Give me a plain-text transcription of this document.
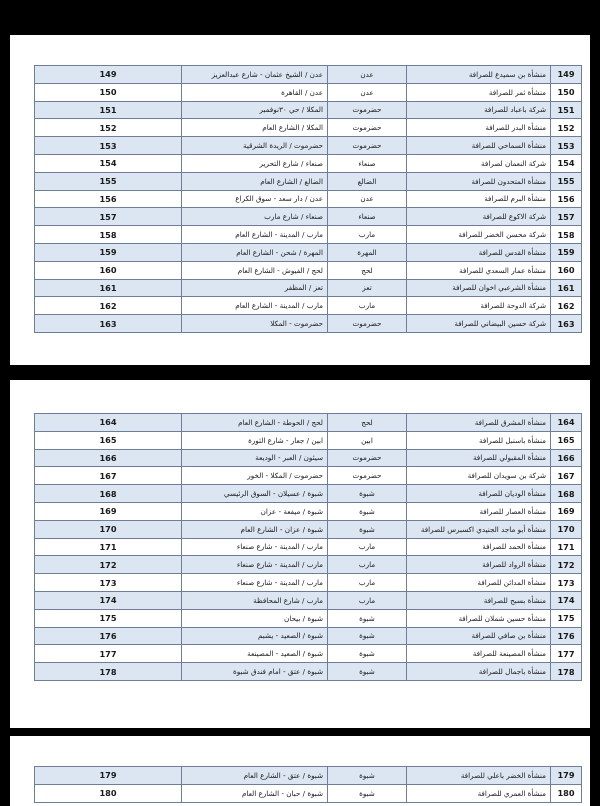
149	عدن / الشيخ عثمان - شارع عبدالعزيز	عدن	منشأة بن سميدع للصرافة	149
150	عدن / القاهرة	عدن	منشأة ثمر للصرافة	150
151	المكلا / حي ٣٠نوفمبر	حضرموت	شركة باعباد للصرافة	151
152	المكلا / الشارع العام	حضرموت	منشأة البدر للصرافة	152
153	حضرموت / الريدة الشرقية	حضرموت	منشأة السماحي للصرافة	153
154	صنعاء / شارع التحرير	صنعاء	شركة النعمان لصرافة	154
155	الضالع / الشارع العام	الضالع	منشأة المتحدون للصرافة	155
156	عدن / دار سعد - سوق الكراع	عدن	منشأة البرم للصرافة	156
157	صنعاء / شارع مارب	صنعاء	شركة الاكوع للصرافة	157
158	مارب / المدينة - الشارع العام	مارب	شركة محسن الخضر للصرافة	158
159	المهرة / شحن - الشارع العام	المهرة	منشأة القدس للصرافة	159
160	لحج / الفيوش - الشارع العام	لحج	منشأة عمار السعدي للصرافة	160
161	تعز / المظفر	تعز	منشأة الشرعبي اخوان للصرافة	161
162	مارب / المدينة - الشارع العام	مارب	شركة الدوحة للصرافة	162
163	حضرموت - المكلا	حضرموت	شركة حسين البيضاني للصرافة	163
164	لحج / الحوطة - الشارع العام	لحج	منشأة المشرق للصرافة	164
165	ابين / جعار - شارع الثورة	ابين	منشأة باسنبل للصرافة	165
166	سيئون / العبر - الوديعة	حضرموت	منشأة المقبولي للصرافة	166
167	حضرموت / المكلا - الخور	حضرموت	شركة بن سويدان للصرافة	167
168	شبوة / عسيلان - السوق الرئيسي	شبوة	منشأة الوديان للصرافة	168
169	شبوة / ميفعة - عزان	شبوة	منشأة العصار للصرافة	169
170	شبوة / عزان - الشارع العام	شبوة	منشأة أبو ماجد الجنيدي اكسبرس للصرافة	170
171	مارب / المدينة - شارع صنعاء	مارب	منشأة الحمد للصرافة	171
172	مارب / المدينة - شارع صنعاء	مارب	منشأة الرواد للصرافة	172
173	مارب / المدينة - شارع صنعاء	مارب	منشأة المدائن للصرافة	173
174	مارب / شارع المحافظة	مارب	منشأة بسبح للصرافة	174
175	شبوة / بيحان	شبوة	منشأة حسين شملان للصرافة	175
176	شبوة / الصعيد - يشبم	شبوة	منشأة بن صافي للصرافة	176
177	شبوة / الصعيد - المصينعة	شبوة	منشأة المصينعة للصرافة	177
178	شبوة / عتق - امام فندق شبوة	شبوة	منشأة باجمال للصرافة	178
179	شبوة / عتق - الشارع العام	شبوة	منشأة الخضر باعلي للصرافة	179
180	شبوة / حبان - الشارع العام	شبوة	منشأة العمري للصرافة	180
